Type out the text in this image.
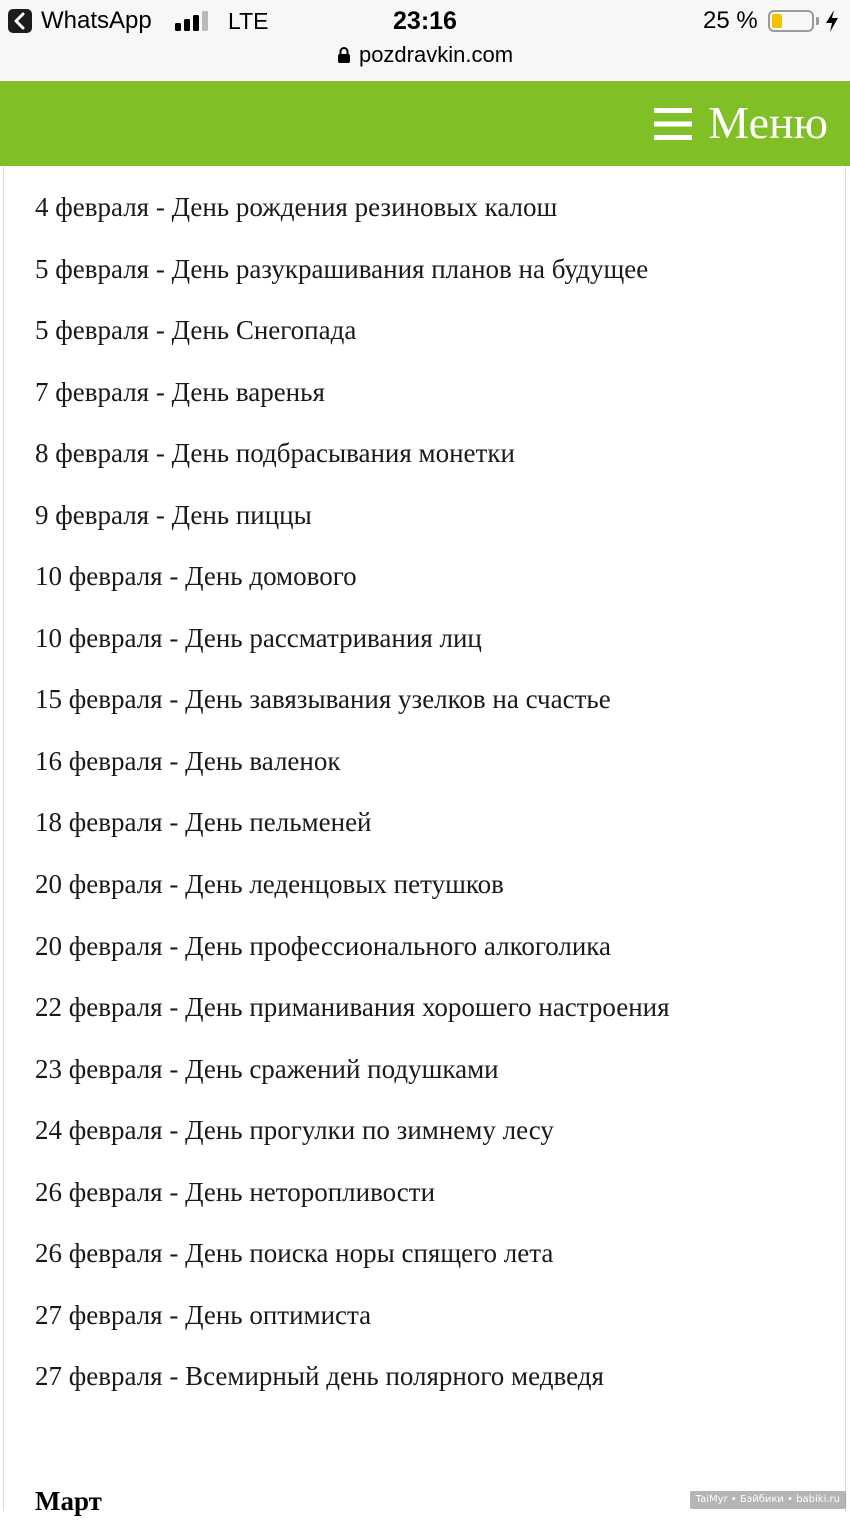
WhatsApp	LTE	23:16	25 %
pozdravkin.com
Меню
4 февраля - День рождения резиновых калош
5 февраля - День разукрашивания планов на будущее
5 февраля - День Снегопада
7 февраля - День варенья
8 февраля - День подбрасывания монетки
9 февраля - День пиццы
10 февраля - День домового
10 февраля - День рассматривания лиц
15 февраля - День завязывания узелков на счастье
16 февраля - День валенок
18 февраля - День пельменей
20 февраля - День леденцовых петушков
20 февраля - День профессионального алкоголика
22 февраля - День приманивания хорошего настроения
23 февраля - День сражений подушками
24 февраля - День прогулки по зимнему лесу
26 февраля - День неторопливости
26 февраля - День поиска норы спящего лета
27 февраля - День оптимиста
27 февраля - Всемирный день полярного медведя
Март	TaiMyr • Бэйбики • babiki.ru
